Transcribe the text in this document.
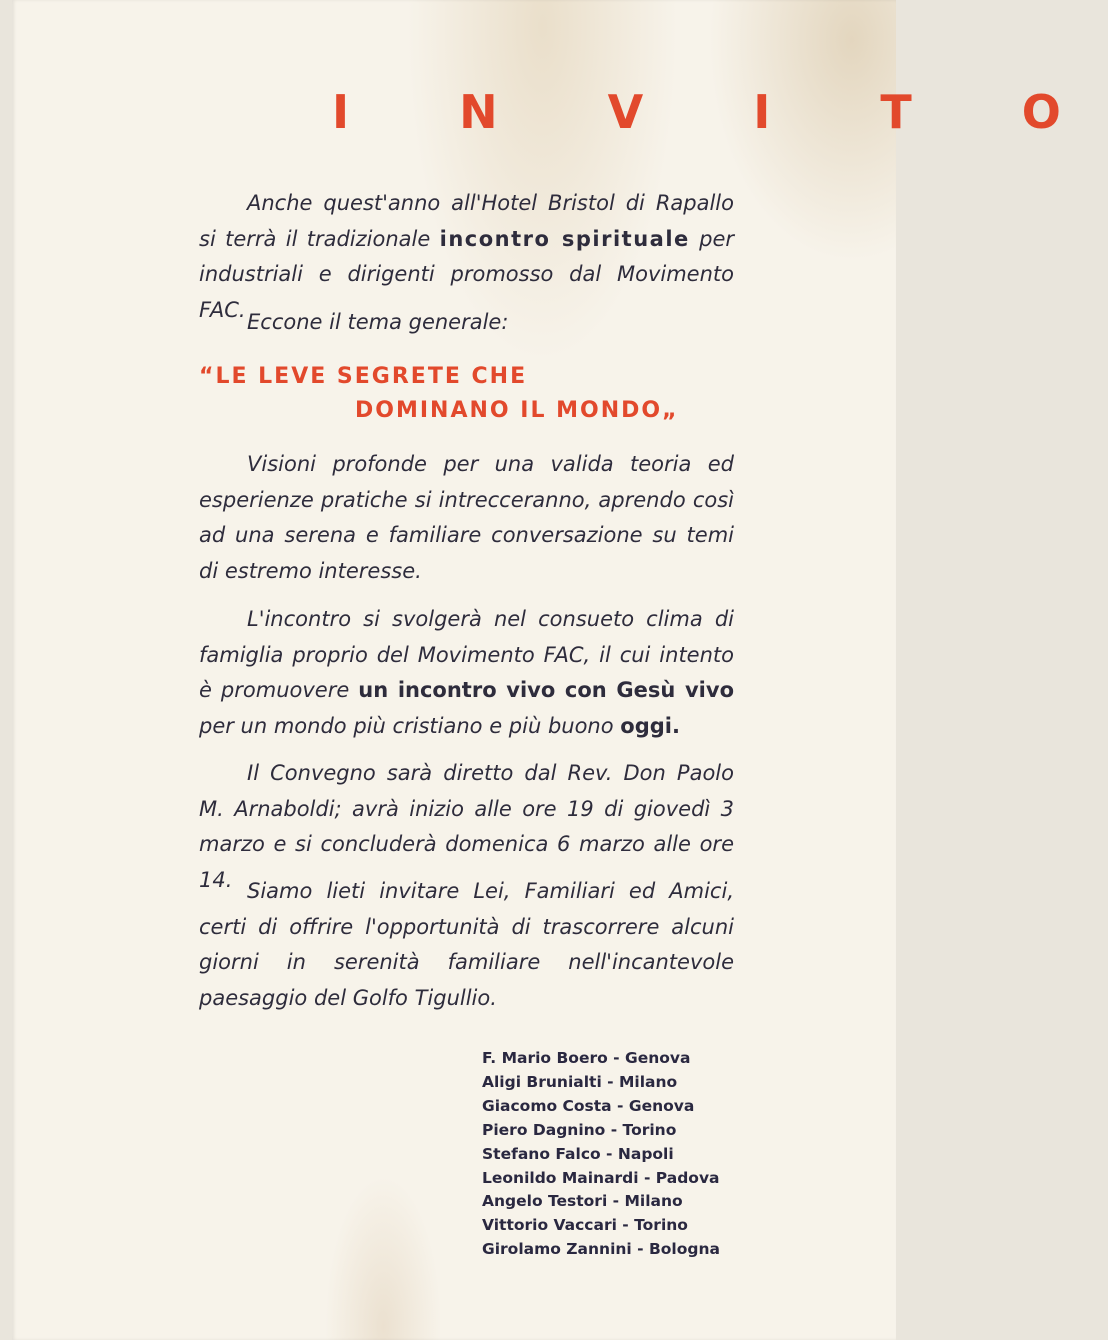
I N V I T O

Anche quest'anno all'Hotel Bristol di Rapallo si terrà il tradizionale incontro spirituale per industriali e dirigenti promosso dal Movimento FAC.

Eccone il tema generale:

“LE LEVE SEGRETE CHE

DOMINANO IL MONDO„

Visioni profonde per una valida teoria ed esperienze pratiche si intrecceranno, aprendo così ad una serena e familiare conversazione su temi di estremo interesse.

L'incontro si svolgerà nel consueto clima di famiglia proprio del Movimento FAC, il cui intento è promuovere un incontro vivo con Gesù vivo per un mondo più cristiano e più buono oggi.

Il Convegno sarà diretto dal Rev. Don Paolo M. Arnaboldi; avrà inizio alle ore 19 di giovedì 3 marzo e si concluderà domenica 6 marzo alle ore 14. Siamo lieti invitare Lei, Familiari ed Amici, certi di offrire l'opportunità di trascorrere alcuni giorni in serenità familiare nell'incantevole paesaggio del Golfo Tigullio.

F. Mario Boero - Genova
Aligi Brunialti - Milano
Giacomo Costa - Genova
Piero Dagnino - Torino
Stefano Falco - Napoli
Leonildo Mainardi - Padova
Angelo Testori - Milano
Vittorio Vaccari - Torino
Girolamo Zannini - Bologna
